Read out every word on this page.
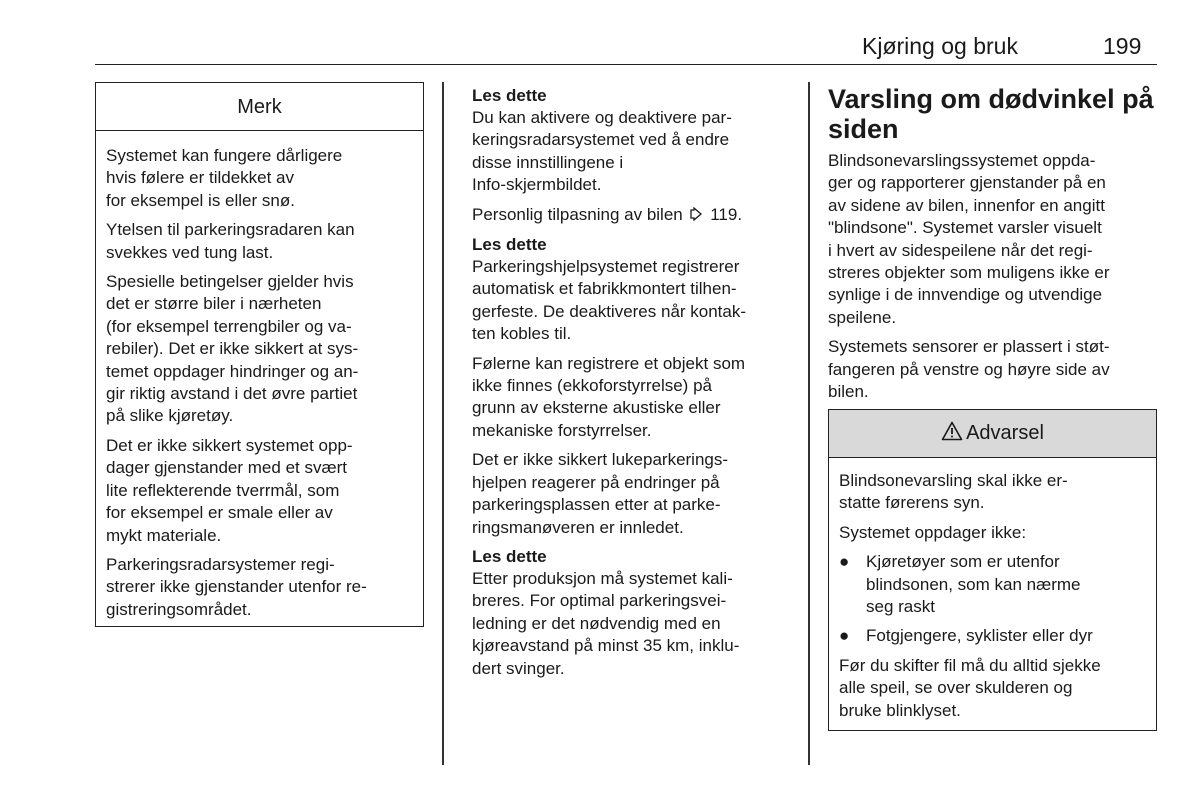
Kjøring og bruk	199
Merk

Systemet kan fungere dårligere
hvis følere er tildekket av
for eksempel is eller snø.

Ytelsen til parkeringsradaren kan
svekkes ved tung last.

Spesielle betingelser gjelder hvis
det er større biler i nærheten
(for eksempel terrengbiler og va-
rebiler). Det er ikke sikkert at sys-
temet oppdager hindringer og an-
gir riktig avstand i det øvre partiet
på slike kjøretøy.

Det er ikke sikkert systemet opp-
dager gjenstander med et svært
lite reflekterende tverrmål, som
for eksempel er smale eller av
mykt materiale.

Parkeringsradarsystemer regi-
strerer ikke gjenstander utenfor re-
gistreringsområdet.

Les dette

Du kan aktivere og deaktivere par-
keringsradarsystemet ved å endre
disse innstillingene i
Info-skjermbildet.

Personlig tilpasning av bilen 119.

Les dette

Parkeringshjelpsystemet registrerer
automatisk et fabrikkmontert tilhen-
gerfeste. De deaktiveres når kontak-
ten kobles til.

Følerne kan registrere et objekt som
ikke finnes (ekkoforstyrrelse) på
grunn av eksterne akustiske eller
mekaniske forstyrrelser.

Det er ikke sikkert lukeparkerings-
hjelpen reagerer på endringer på
parkeringsplassen etter at parke-
ringsmanøveren er innledet.

Les dette

Etter produksjon må systemet kali-
breres. For optimal parkeringsvei-
ledning er det nødvendig med en
kjøreavstand på minst 35 km, inklu-
dert svinger.

Varsling om dødvinkel på
siden

Blindsonevarslingssystemet oppda-
ger og rapporterer gjenstander på en
av sidene av bilen, innenfor en angitt
"blindsone". Systemet varsler visuelt
i hvert av sidespeilene når det regi-
streres objekter som muligens ikke er
synlige i de innvendige og utvendige
speilene.

Systemets sensorer er plassert i støt-
fangeren på venstre og høyre side av
bilen.

Advarsel

Blindsonevarsling skal ikke er-
statte førerens syn.

Systemet oppdager ikke:

● Kjøretøyer som er utenfor
blindsonen, som kan nærme
seg raskt
● Fotgjengere, syklister eller dyr

Før du skifter fil må du alltid sjekke
alle speil, se over skulderen og
bruke blinklyset.
